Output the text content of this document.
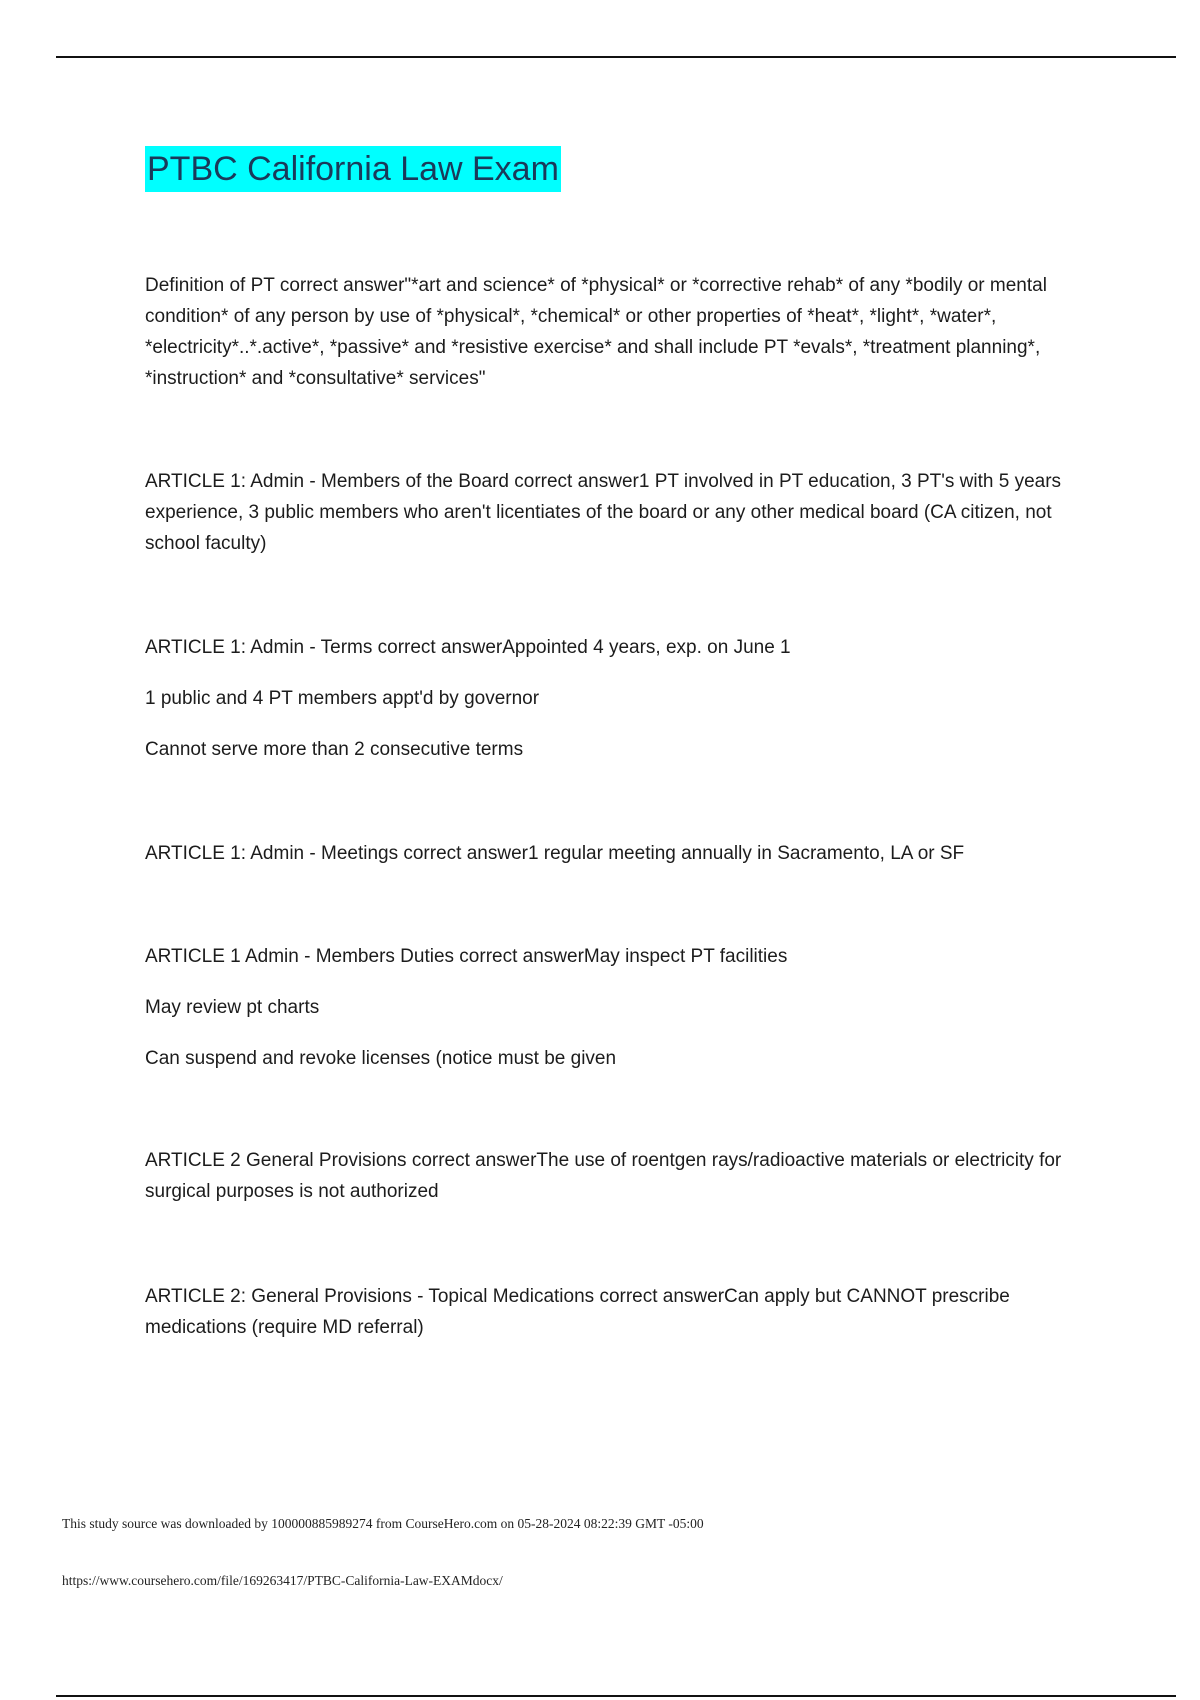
PTBC California Law Exam

Definition of PT correct answer"*art and science* of *physical* or *corrective rehab* of any *bodily or mental condition* of any person by use of *physical*, *chemical* or other properties of *heat*, *light*, *water*, *electricity*..*.active*, *passive* and *resistive exercise* and shall include PT *evals*, *treatment planning*, *instruction* and *consultative* services"

ARTICLE 1: Admin - Members of the Board correct answer1 PT involved in PT education, 3 PT's with 5 years experience, 3 public members who aren't licentiates of the board or any other medical board (CA citizen, not school faculty)

ARTICLE 1: Admin - Terms correct answerAppointed 4 years, exp. on June 1

1 public and 4 PT members appt'd by governor

Cannot serve more than 2 consecutive terms

ARTICLE 1: Admin - Meetings correct answer1 regular meeting annually in Sacramento, LA or SF

ARTICLE 1 Admin - Members Duties correct answerMay inspect PT facilities

May review pt charts

Can suspend and revoke licenses (notice must be given

ARTICLE 2 General Provisions correct answerThe use of roentgen rays/radioactive materials or electricity for surgical purposes is not authorized

ARTICLE 2: General Provisions - Topical Medications correct answerCan apply but CANNOT prescribe medications (require MD referral)

This study source was downloaded by 100000885989274 from CourseHero.com on 05-28-2024 08:22:39 GMT -05:00
https://www.coursehero.com/file/169263417/PTBC-California-Law-EXAMdocx/
